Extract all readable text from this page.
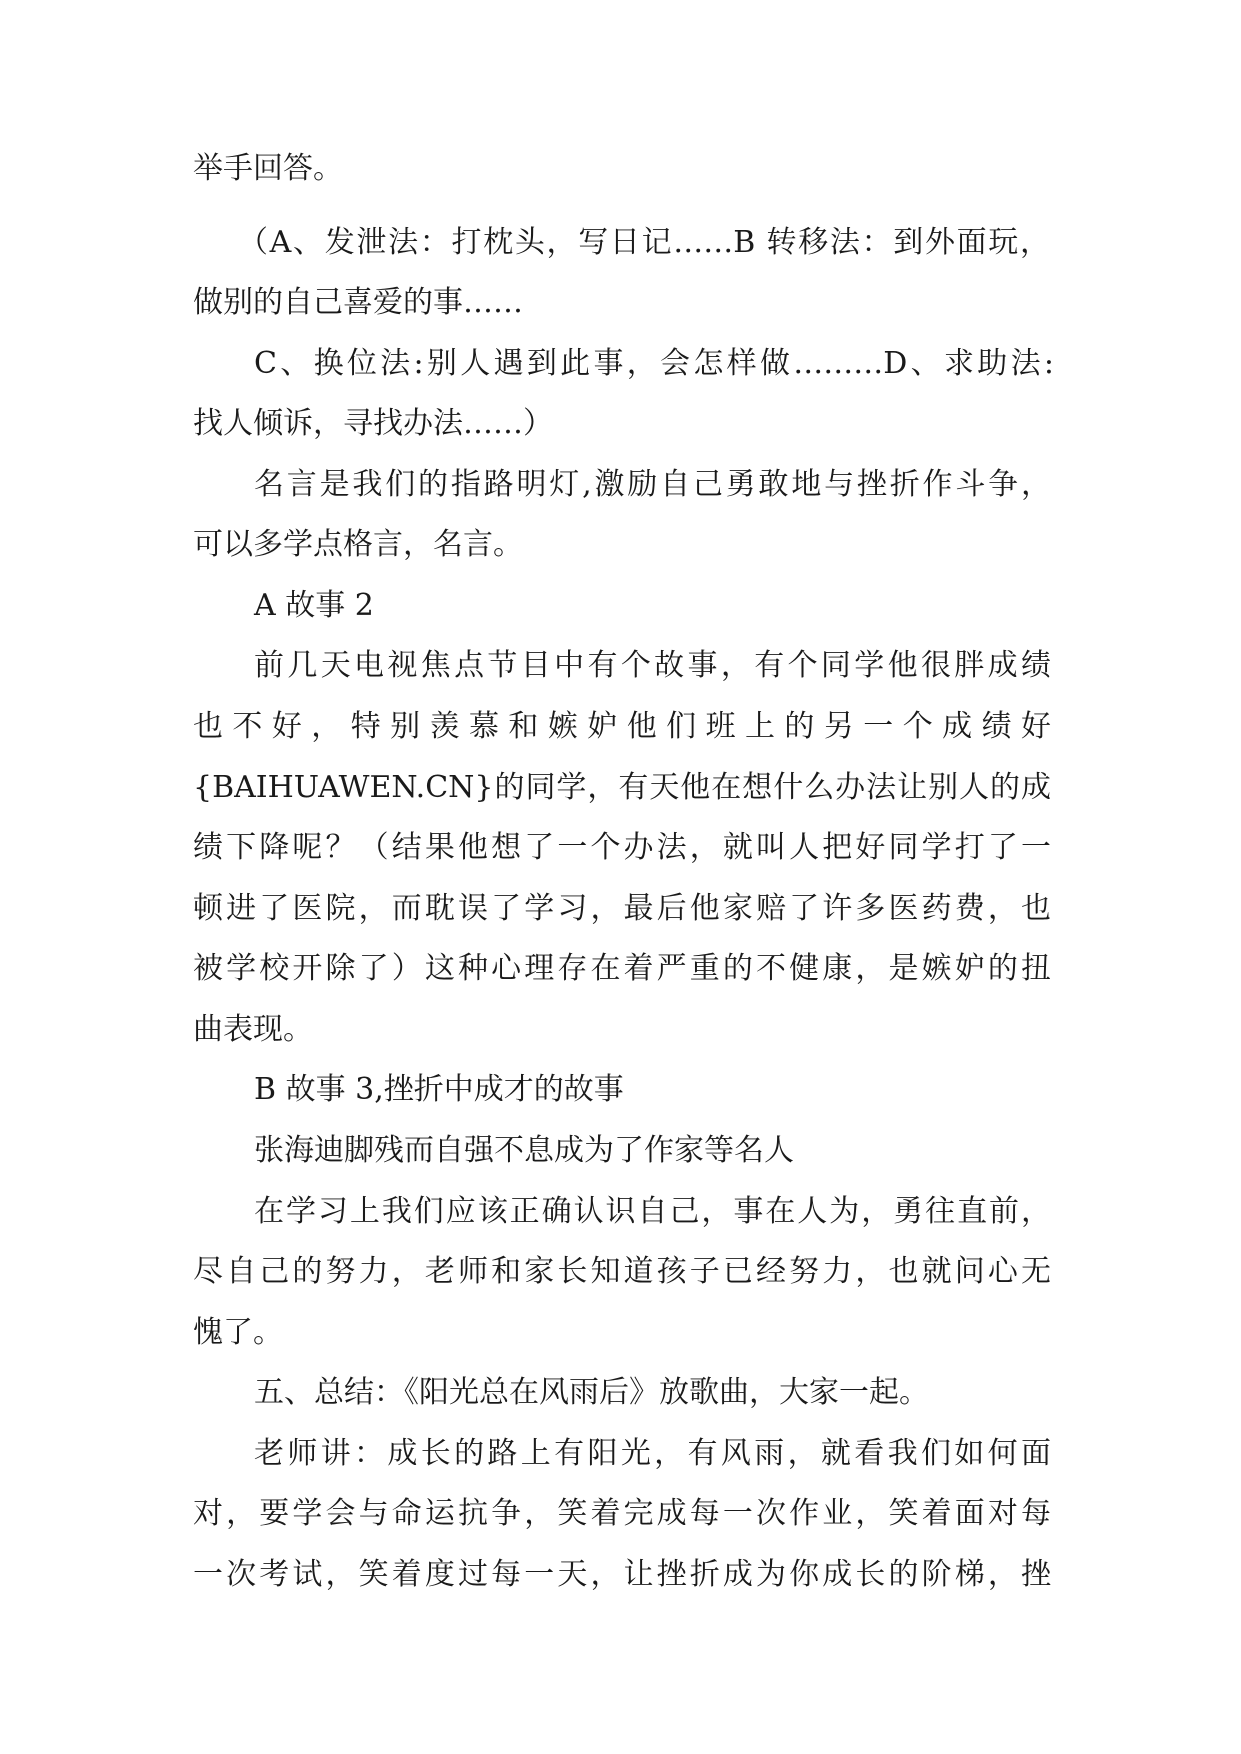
举手回答。

（A、发泄法：打枕头，写日记……B 转移法：到外面玩，

做别的自己喜爱的事……

C、换位法:别人遇到此事，会怎样做………D、求助法:

找人倾诉，寻找办法……）

名言是我们的指路明灯,激励自己勇敢地与挫折作斗争，

可以多学点格言，名言。

A 故事 2

前几天电视焦点节目中有个故事，有个同学他很胖成绩

也不好，特别羡慕和嫉妒他们班上的另一个成绩好

{BAIHUAWEN.CN}的同学，有天他在想什么办法让别人的成

绩下降呢？（结果他想了一个办法，就叫人把好同学打了一

顿进了医院，而耽误了学习，最后他家赔了许多医药费，也

被学校开除了）这种心理存在着严重的不健康，是嫉妒的扭

曲表现。

B 故事 3,挫折中成才的故事

张海迪脚残而自强不息成为了作家等名人

在学习上我们应该正确认识自己，事在人为，勇往直前，

尽自己的努力，老师和家长知道孩子已经努力，也就问心无

愧了。

五、总结：《阳光总在风雨后》放歌曲，大家一起。

老师讲：成长的路上有阳光，有风雨，就看我们如何面

对，要学会与命运抗争，笑着完成每一次作业，笑着面对每

一次考试，笑着度过每一天，让挫折成为你成长的阶梯，挫
